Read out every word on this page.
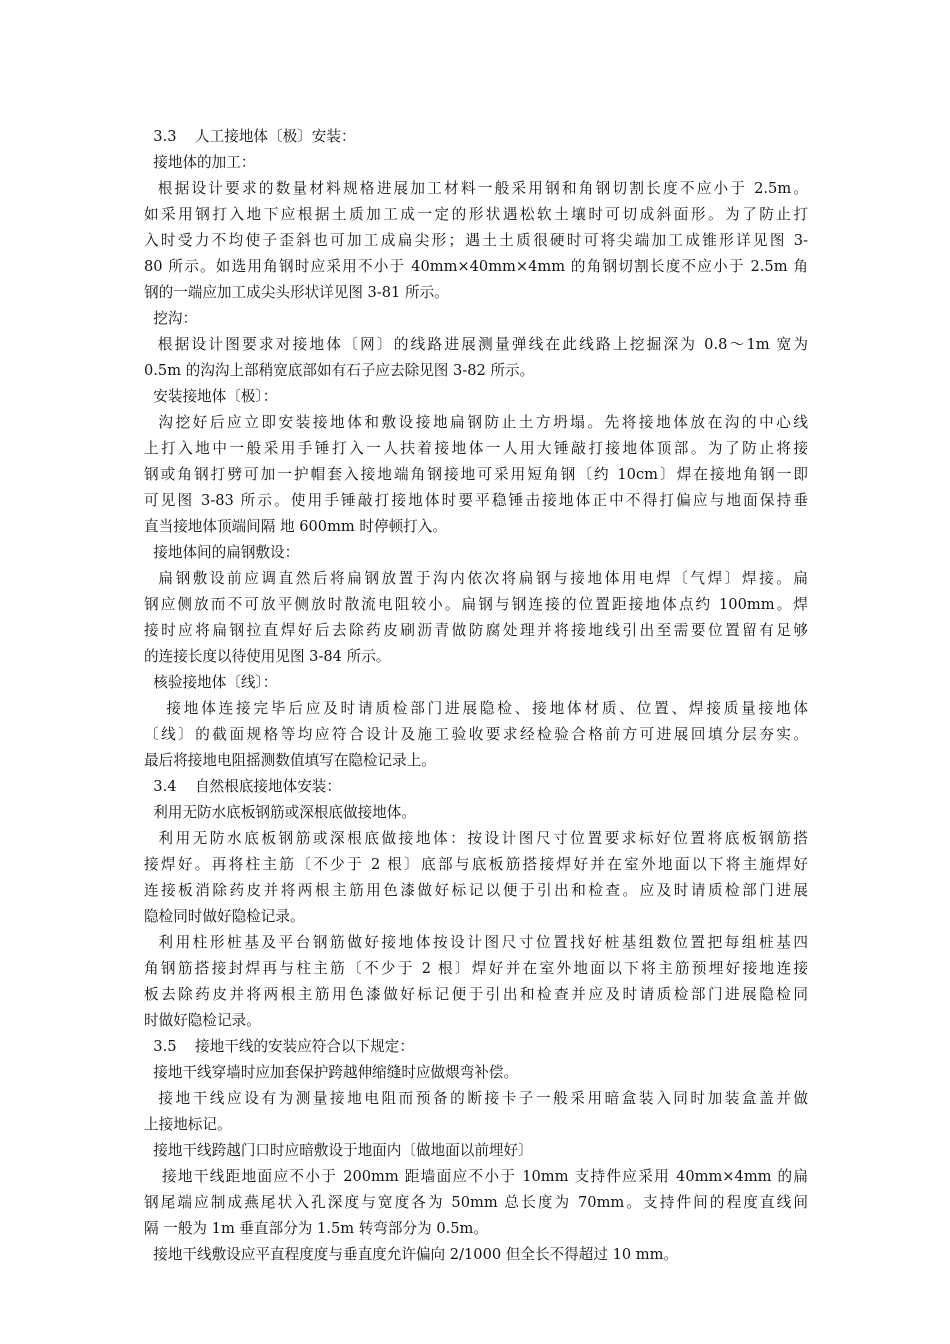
3.3    人工接地体〔极〕安装：
接地体的加工：
根据设计要求的数量材料规格进展加工材料一般采用钢和角钢切割长度不应小于 2.5m。
如采用钢打入地下应根据土质加工成一定的形状遇松软土壤时可切成斜面形。为了防止打
入时受力不均使子歪斜也可加工成扁尖形；遇土土质很硬时可将尖端加工成锥形详见图 3-
80 所示。如选用角钢时应采用不小于 40mm×40mm×4mm 的角钢切割长度不应小于 2.5m 角
钢的一端应加工成尖头形状详见图 3-81 所示。
挖沟：
根据设计图要求对接地体〔网〕的线路进展测量弹线在此线路上挖掘深为 0.8～1m 宽为
0.5m 的沟沟上部稍宽底部如有石子应去除见图 3-82 所示。
安装接地体〔极〕：
沟挖好后应立即安装接地体和敷设接地扁钢防止土方坍塌。先将接地体放在沟的中心线
上打入地中一般采用手锤打入一人扶着接地体一人用大锤敲打接地体顶部。为了防止将接
钢或角钢打劈可加一护帽套入接地端角钢接地可采用短角钢〔约 10cm〕焊在接地角钢一即
可见图 3-83 所示。使用手锤敲打接地体时要平稳锤击接地体正中不得打偏应与地面保持垂
直当接地体顶端间隔 地 600mm 时停顿打入。
接地体间的扁钢敷设：
扁钢敷设前应调直然后将扁钢放置于沟内依次将扁钢与接地体用电焊〔气焊〕焊接。扁
钢应侧放而不可放平侧放时散流电阻较小。扁钢与钢连接的位置距接地体点约 100mm。焊
接时应将扁钢拉直焊好后去除药皮刷沥青做防腐处理并将接地线引出至需要位置留有足够
的连接长度以待使用见图 3-84 所示。
核验接地体〔线〕：
接地体连接完毕后应及时请质检部门进展隐检、接地体材质、位置、焊接质量接地体
〔线〕的截面规格等均应符合设计及施工验收要求经检验合格前方可进展回填分层夯实。
最后将接地电阻摇测数值填写在隐检记录上。
3.4    自然根底接地体安装：
利用无防水底板钢筋或深根底做接地体。
利用无防水底板钢筋或深根底做接地体：按设计图尺寸位置要求标好位置将底板钢筋搭
接焊好。再将柱主筋〔不少于 2 根〕底部与底板筋搭接焊好并在室外地面以下将主施焊好
连接板消除药皮并将两根主筋用色漆做好标记以便于引出和检查。应及时请质检部门进展
隐检同时做好隐检记录。
利用柱形桩基及平台钢筋做好接地体按设计图尺寸位置找好桩基组数位置把每组桩基四
角钢筋搭接封焊再与柱主筋〔不少于 2 根〕焊好并在室外地面以下将主筋预埋好接地连接
板去除药皮并将两根主筋用色漆做好标记便于引出和检查并应及时请质检部门进展隐检同
时做好隐检记录。
3.5    接地干线的安装应符合以下规定：
接地干线穿墙时应加套保护跨越伸缩缝时应做煨弯补偿。
接地干线应设有为测量接地电阻而预备的断接卡子一般采用暗盒装入同时加装盒盖并做
上接地标记。
接地干线跨越门口时应暗敷设于地面内〔做地面以前埋好〕
接地干线距地面应不小于 200mm 距墙面应不小于 10mm 支持件应采用 40mm×4mm 的扁
钢尾端应制成燕尾状入孔深度与宽度各为 50mm 总长度为 70mm。支持件间的程度直线间
隔 一般为 1m 垂直部分为 1.5m 转弯部分为 0.5m。
接地干线敷设应平直程度度与垂直度允许偏向 2/1000 但全长不得超过 10 mm。
